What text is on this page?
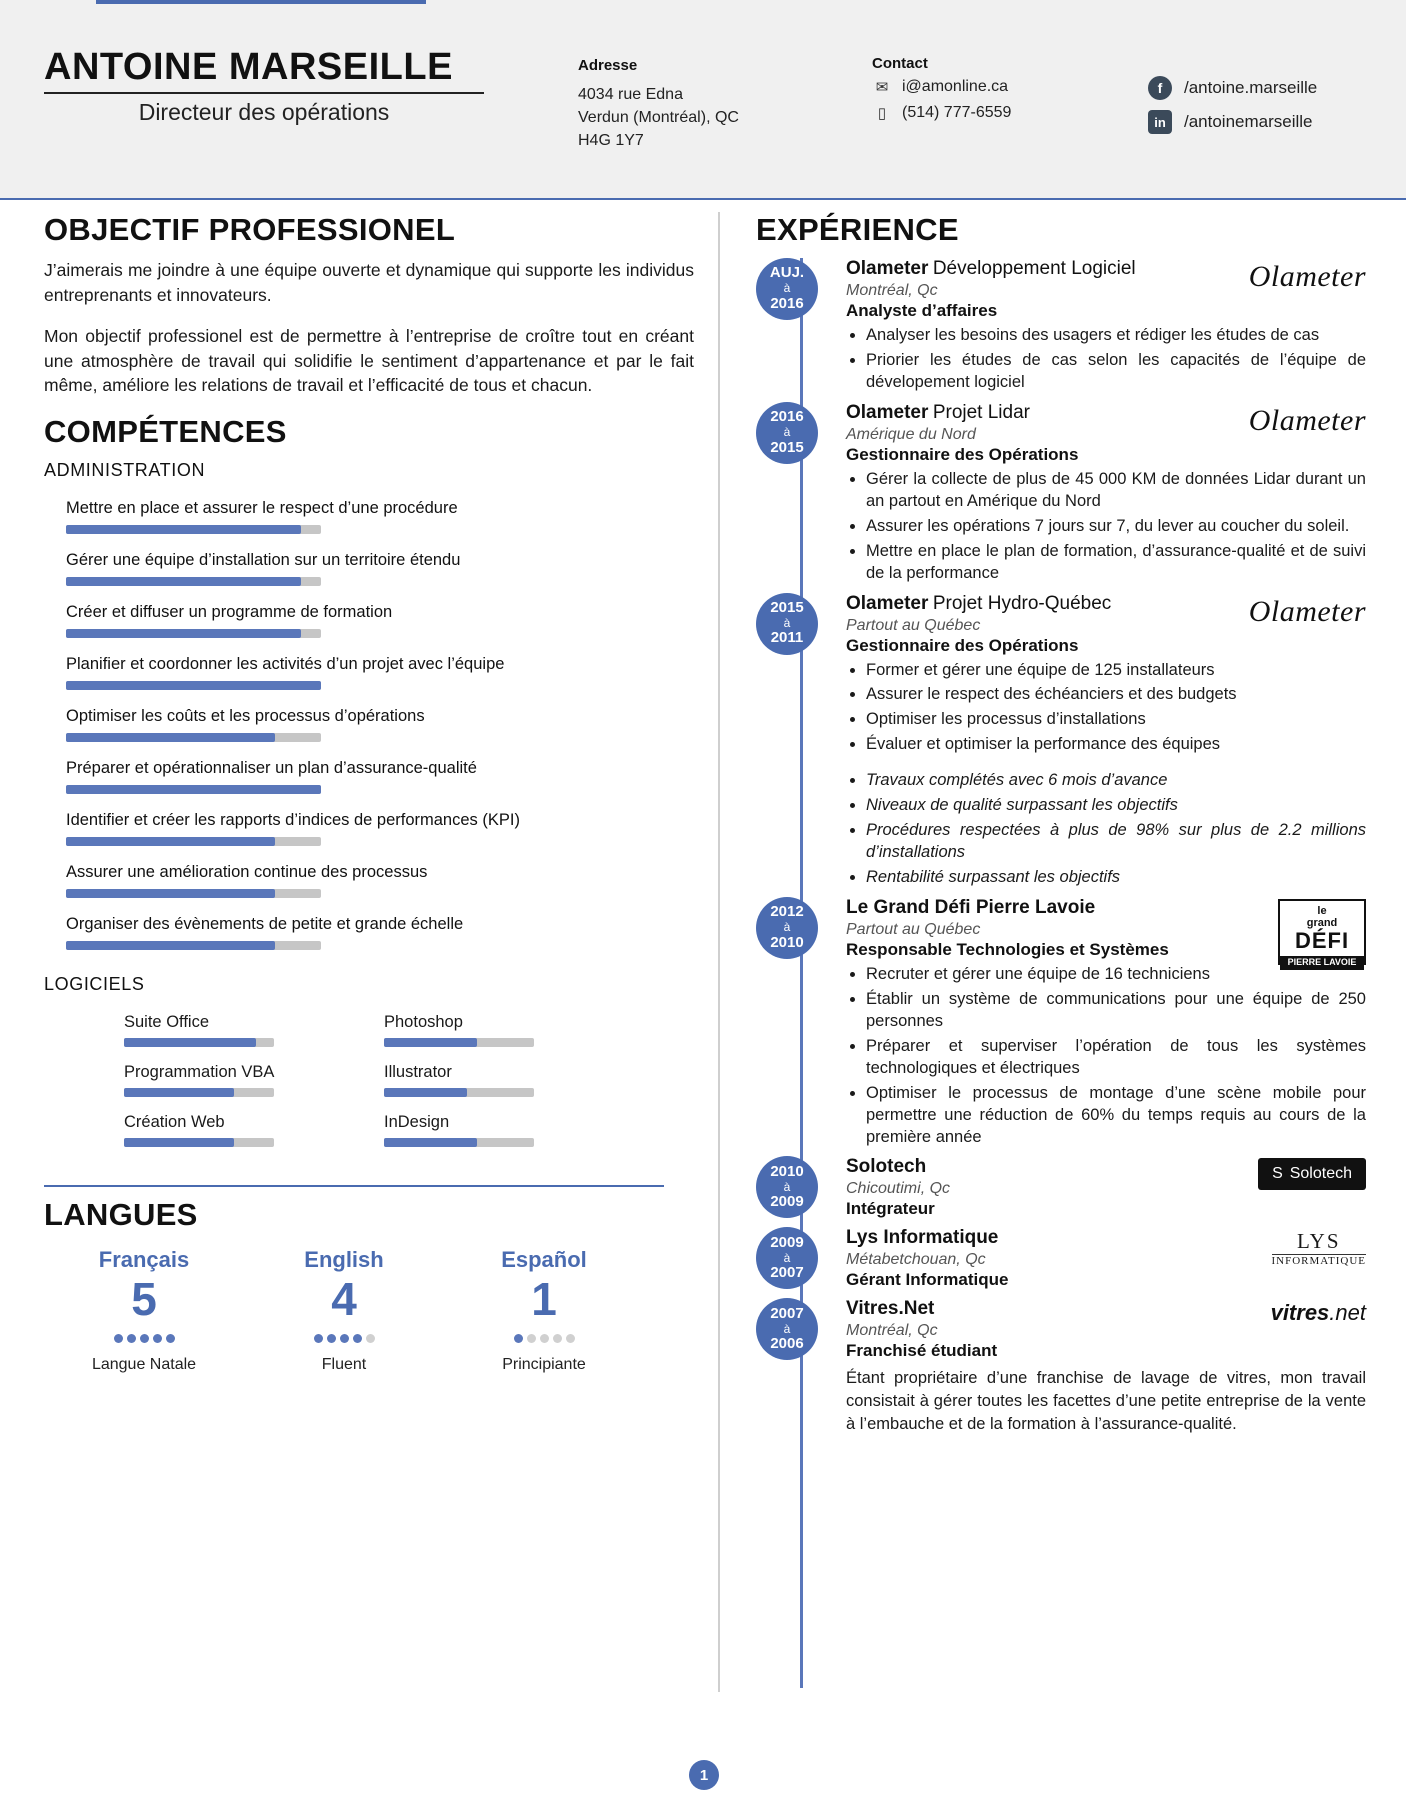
ANTOINE MARSEILLE
Directeur des opérations
Adresse
4034 rue Edna
Verdun (Montréal), QC
H4G 1Y7
Contact
✉ i@amonline.ca
▯ (514) 777-6559
f	/antoine.marseille
in	/antoinemarseille
OBJECTIF PROFESSIONEL

J’aimerais me joindre à une équipe ouverte et dynamique qui supporte les individus entreprenants et innovateurs.

Mon objectif professionel est de permettre à l’entreprise de croître tout en créant une atmosphère de travail qui solidifie le sentiment d’appartenance et par le fait même, améliore les relations de travail et l’efficacité de tous et chacun.

COMPÉTENCES
ADMINISTRATION
Mettre en place et assurer le respect d’une procédure
Gérer une équipe d’installation sur un territoire étendu
Créer et diffuser un programme de formation
Planifier et coordonner les activités d’un projet avec l’équipe
Optimiser les coûts et les processus d’opérations
Préparer et opérationnaliser un plan d’assurance-qualité
Identifier et créer les rapports d’indices de performances (KPI)
Assurer une amélioration continue des processus
Organiser des évènements de petite et grande échelle
LOGICIELS
Suite Office
Programmation VBA
Création Web
Photoshop
Illustrator
InDesign
LANGUES
Français
5
Langue Natale
English
4
Fluent
Español
1
Principiante
EXPÉRIENCE
AUJ.
à
2016
Olameter
Olameter Développement Logiciel
Montréal, Qc
Analyste d’affaires
• Analyser les besoins des usagers et rédiger les études de cas
• Priorier les études de cas selon les capacités de l’équipe de dévelopement logiciel
2016
à
2015
Olameter
Olameter Projet Lidar
Amérique du Nord
Gestionnaire des Opérations
• Gérer la collecte de plus de 45 000 KM de données Lidar durant un an partout en Amérique du Nord
• Assurer les opérations 7 jours sur 7, du lever au coucher du soleil.
• Mettre en place le plan de formation, d’assurance-qualité et de suivi de la performance
2015
à
2011
Olameter
Olameter Projet Hydro-Québec
Partout au Québec
Gestionnaire des Opérations
• Former et gérer une équipe de 125 installateurs
• Assurer le respect des échéanciers et des budgets
• Optimiser les processus d’installations
• Évaluer et optimiser la performance des équipes
• Travaux complétés avec 6 mois d’avance
• Niveaux de qualité surpassant les objectifs
• Procédures respectées à plus de 98% sur plus de 2.2 millions d’installations
• Rentabilité surpassant les objectifs
2012
à
2010
le
grand
DÉFI
PIERRE LAVOIE
Le Grand Défi Pierre Lavoie
Partout au Québec
Responsable Technologies et Systèmes
• Recruter et gérer une équipe de 16 techniciens
• Établir un système de communications pour une équipe de 250 personnes
• Préparer et superviser l’opération de tous les systèmes technologiques et électriques
• Optimiser le processus de montage d’une scène mobile pour permettre une réduction de 60% du temps requis au cours de la première année
2010
à
2009
S Solotech
Solotech
Chicoutimi, Qc
Intégrateur
2009
à
2007
LYS
INFORMATIQUE
Lys Informatique
Métabetchouan, Qc
Gérant Informatique
2007
à
2006
vitres.net
Vitres.Net
Montréal, Qc
Franchisé étudiant
Étant propriétaire d’une franchise de lavage de vitres, mon travail consistait à gérer toutes les facettes d’une petite entreprise de la vente à l’embauche et de la formation à l’assurance-qualité.
1
